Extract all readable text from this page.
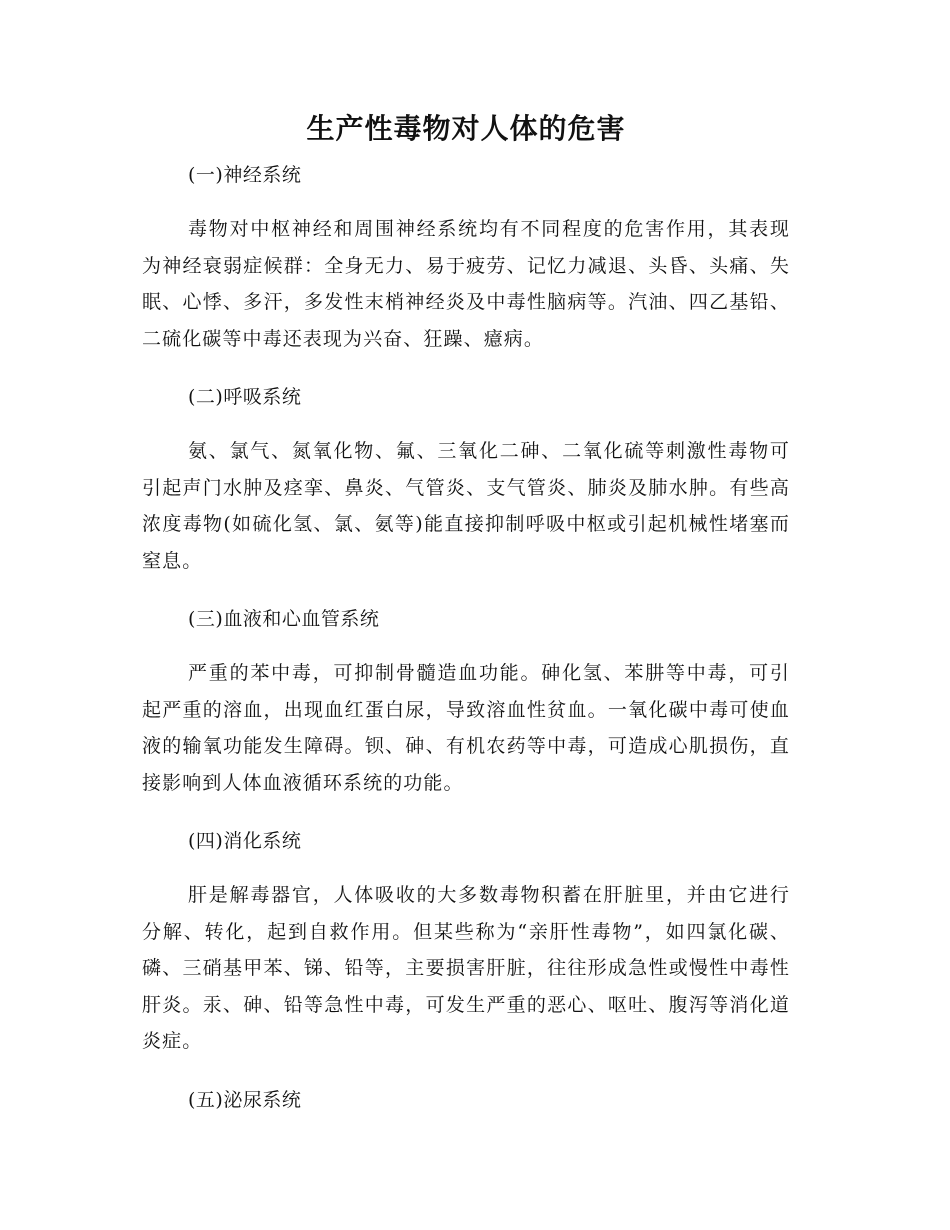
生产性毒物对人体的危害

(一)神经系统

毒物对中枢神经和周围神经系统均有不同程度的危害作用，其表现为神经衰弱症候群：全身无力、易于疲劳、记忆力减退、头昏、头痛、失眠、心悸、多汗，多发性末梢神经炎及中毒性脑病等。汽油、四乙基铅、二硫化碳等中毒还表现为兴奋、狂躁、癔病。

(二)呼吸系统

氨、氯气、氮氧化物、氟、三氧化二砷、二氧化硫等刺激性毒物可引起声门水肿及痉挛、鼻炎、气管炎、支气管炎、肺炎及肺水肿。有些高浓度毒物(如硫化氢、氯、氨等)能直接抑制呼吸中枢或引起机械性堵塞而窒息。

(三)血液和心血管系统

严重的苯中毒，可抑制骨髓造血功能。砷化氢、苯肼等中毒，可引起严重的溶血，出现血红蛋白尿，导致溶血性贫血。一氧化碳中毒可使血液的输氧功能发生障碍。钡、砷、有机农药等中毒，可造成心肌损伤，直接影响到人体血液循环系统的功能。

(四)消化系统

肝是解毒器官，人体吸收的大多数毒物积蓄在肝脏里，并由它进行分解、转化，起到自救作用。但某些称为“亲肝性毒物”，如四氯化碳、磷、三硝基甲苯、锑、铅等，主要损害肝脏，往往形成急性或慢性中毒性肝炎。汞、砷、铅等急性中毒，可发生严重的恶心、呕吐、腹泻等消化道炎症。

(五)泌尿系统
